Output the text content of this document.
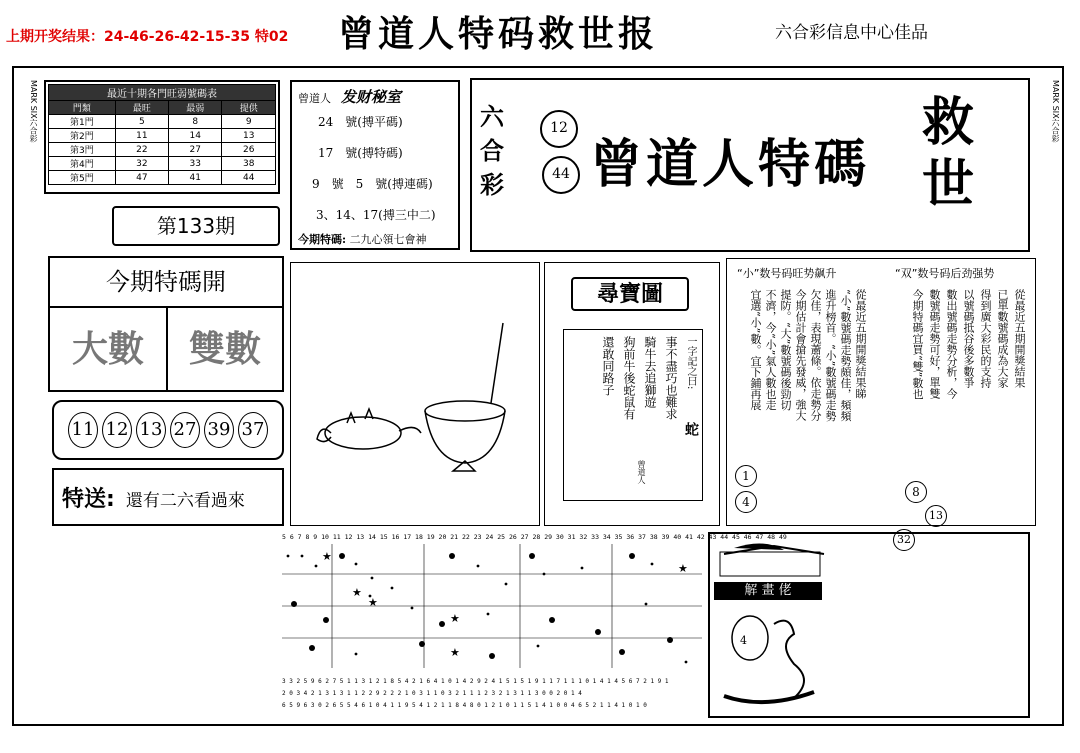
上期开奖结果：24-46-26-42-15-35 特02 曾道人特码救世报	六合彩信息中心佳品
MARK SIX六合彩	MARK SIX六合彩
最近十期各門旺弱號碼表			
門類	最旺	最弱	提供
第1門	5	8	9
第2門	11	14	13
第3門	22	27	26
第4門	32	33	38
第5門	47	41	44
第133期
曾道人 发财秘室
24　號(搏平碼)
17　號(搏特碼)
9　號　5　號(搏連碼)
3、14、17(搏三中二)
今期特碼: 二九心領七會神
六
合
彩
12
44 曾道人特碼
救世
今期特碼開
大數	雙數
11 12 13 27 39 37
特送: 還有二六看過來
尋寶圖
一字記之曰:
蛇
事不盡巧也難求
騎牛去追獅遊
狗前牛後蛇鼠有
還敢同路子
曾道人
“小”数号码旺势飙升	“双”数号码后劲强势
從最近五期開獎結果睇
“小”數號碼走勢頗佳，頻頻
進升榜首。“小”數號碼走勢
欠佳，表現蕭條。依走勢分
今期估計會搶先發威，強大
提防。“大”數號碼後勁切
不濟，今“小”氣人數也走
宜選“小”數。宜下鋪再展
1
4
從最近五期開獎結果
已單數號碼成為大家
得到廣大彩民的支持
以號碼抵谷後多數爭
數出號碼走勢分析，今
數號碼走勢可好，單雙
今期特碼宜買“雙”數也
8
13
32
5 6 7 8 9 10 11 12 13 14 15 16 17 18 19 20 21 22 23 24 25 26 27 28 29 30 31 32 33 34 35 36 37 38 39 40 41 42 43 44 45 46 47 48 49
★
★
★
★
★
★
3 3 2 5 9 6 2 7 5 1 1 3 1 2 1 8 5 4 2 1 6 4 1 0 1 4 2 9 2 4 1 5 1 5 1 9 1 1 7 1 1 1 0 1 4 1 4 5 6 7 2 1 9 1
2 0 3 4 2 1 3 1 3 1 1 2 2 9 2 2 2 1 0 3 1 1 0 3 2 1 1 1 2 3 2 1 3 1 1 3 0 0 2 0 1 4
6 5 9 6 3 0 2 6 5 5 4 6 1 0 4 1 1 9 5 4 1 2 1 1 8 4 8 0 1 2 1 0 1 1 5 1 4 1 0 0 4 6 5 2 1 1 4 1 0 1 0
解 畫 佬
4
